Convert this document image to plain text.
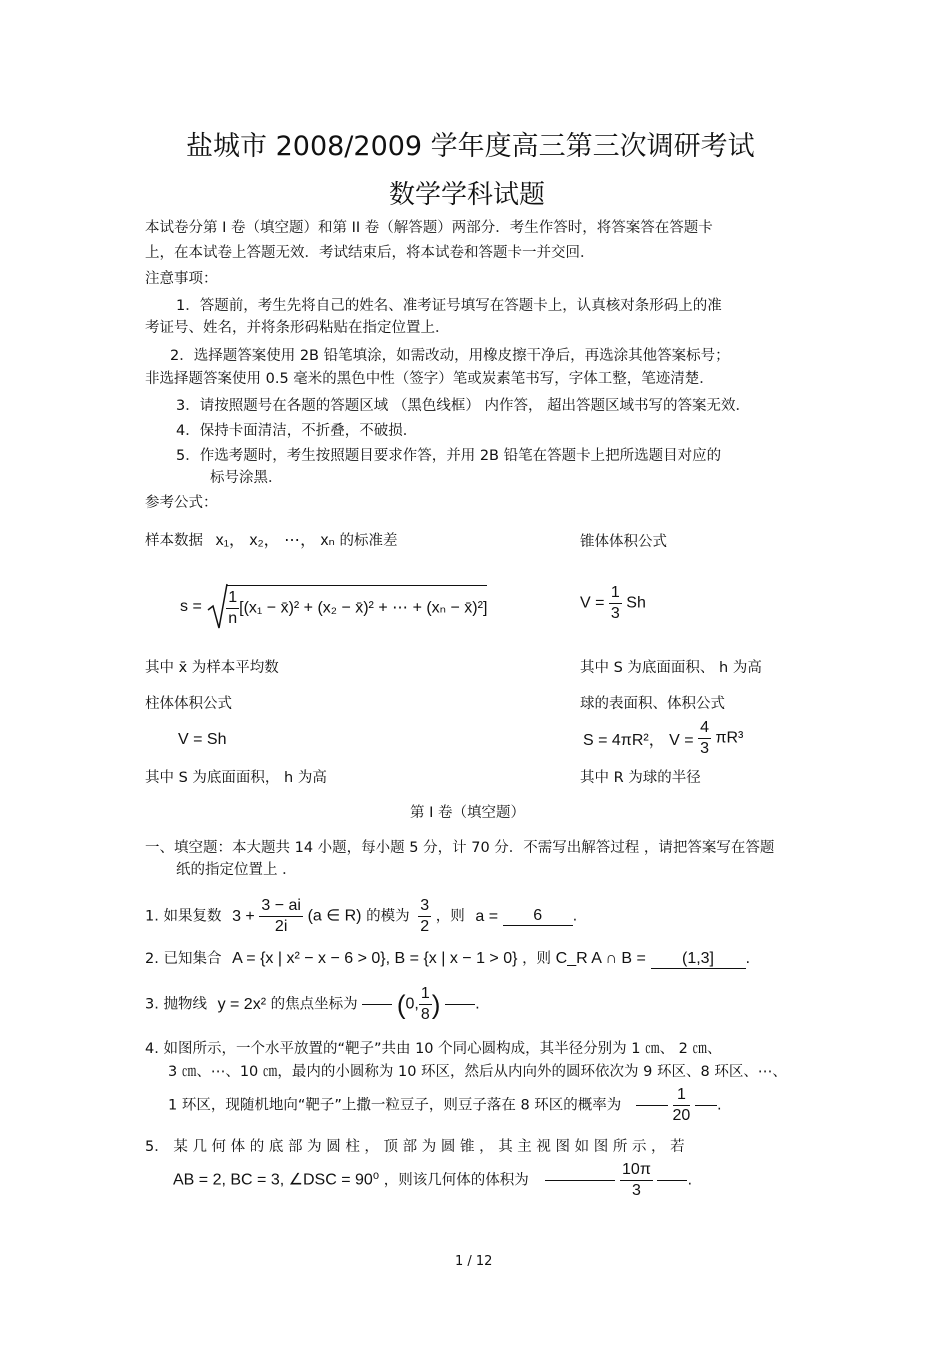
盐城市 2008/2009 学年度高三第三次调研考试
数学学科试题
本试卷分第 I 卷（填空题）和第 II 卷（解答题）两部分．考生作答时，将答案答在答题卡
上，在本试卷上答题无效．考试结束后，将本试卷和答题卡一并交回．
注意事项：
1．答题前，考生先将自己的姓名、准考证号填写在答题卡上，认真核对条形码上的准
考证号、姓名，并将条形码粘贴在指定位置上．
2．选择题答案使用 2B 铅笔填涂，如需改动，用橡皮擦干净后，再选涂其他答案标号；
非选择题答案使用 0.5 毫米的黑色中性（签字）笔或炭素笔书写，字体工整，笔迹清楚．
3．请按照题号在各题的答题区域 （黑色线框） 内作答， 超出答题区域书写的答案无效．
4．保持卡面清洁，不折叠，不破损．
5．作选考题时，考生按照题目要求作答，并用 2B 铅笔在答题卡上把所选题目对应的
标号涂黑．
参考公式：
样本数据 x₁， x₂， ⋯， xₙ 的标准差	锥体体积公式
$s = \frac{1}{n} [(x_1$ − x̄)² + (x₂ − x̄)² + ⋯ + (xₙ − x̄)²]	$V = \frac{1}{3}$ Sh
其中 x̄ 为样本平均数	其中 S 为底面面积、 h 为高
柱体体积公式	球的表面积、体积公式
V = Sh	S = 4πR²， $V = \frac{4}{3} \pi R^3$
其中 S 为底面面积， h 为高	其中 R 为球的半径
第 I 卷（填空题）
一、填空题：本大题共 14 小题，每小题 5 分，计 70 分．不需写出解答过程 ，请把答案写在答题
纸的指定位置上 ．
1. 如果复数 $3 + \frac{3 - ai}{2i} (a$ ∈ R) 的模为 $\frac{3}{2}$ ，则 a = 6 .
2. 已知集合 A = {x | x² − x − 6 > 0}, B = {x | x − 1 > 0} ，则 C_R A ∩ B = (1,3] .
3. 抛物线 y = 2x² 的焦点坐标为 (0, $\frac{1}{8}$ ) .
4. 如图所示，一个水平放置的“靶子”共由 10 个同心圆构成，其半径分别为 1 ㎝、 2 ㎝、
3 ㎝、⋯、10 ㎝，最内的小圆称为 10 环区，然后从内向外的圆环依次为 9 环区、8 环区、⋯、
1 环区，现随机地向“靶子”上撒一粒豆子，则豆子落在 8 环区的概率为	$\frac{1}{20}$ .
5． 某 几 何 体 的 底 部 为 圆 柱 ， 顶 部 为 圆 锥 ， 其 主 视 图 如 图 所 示 ， 若
AB = 2, BC = 3, ∠DSC = 90⁰ ，则该几何体的体积为	$\frac{10\pi}{3}$ .
1 / 12
